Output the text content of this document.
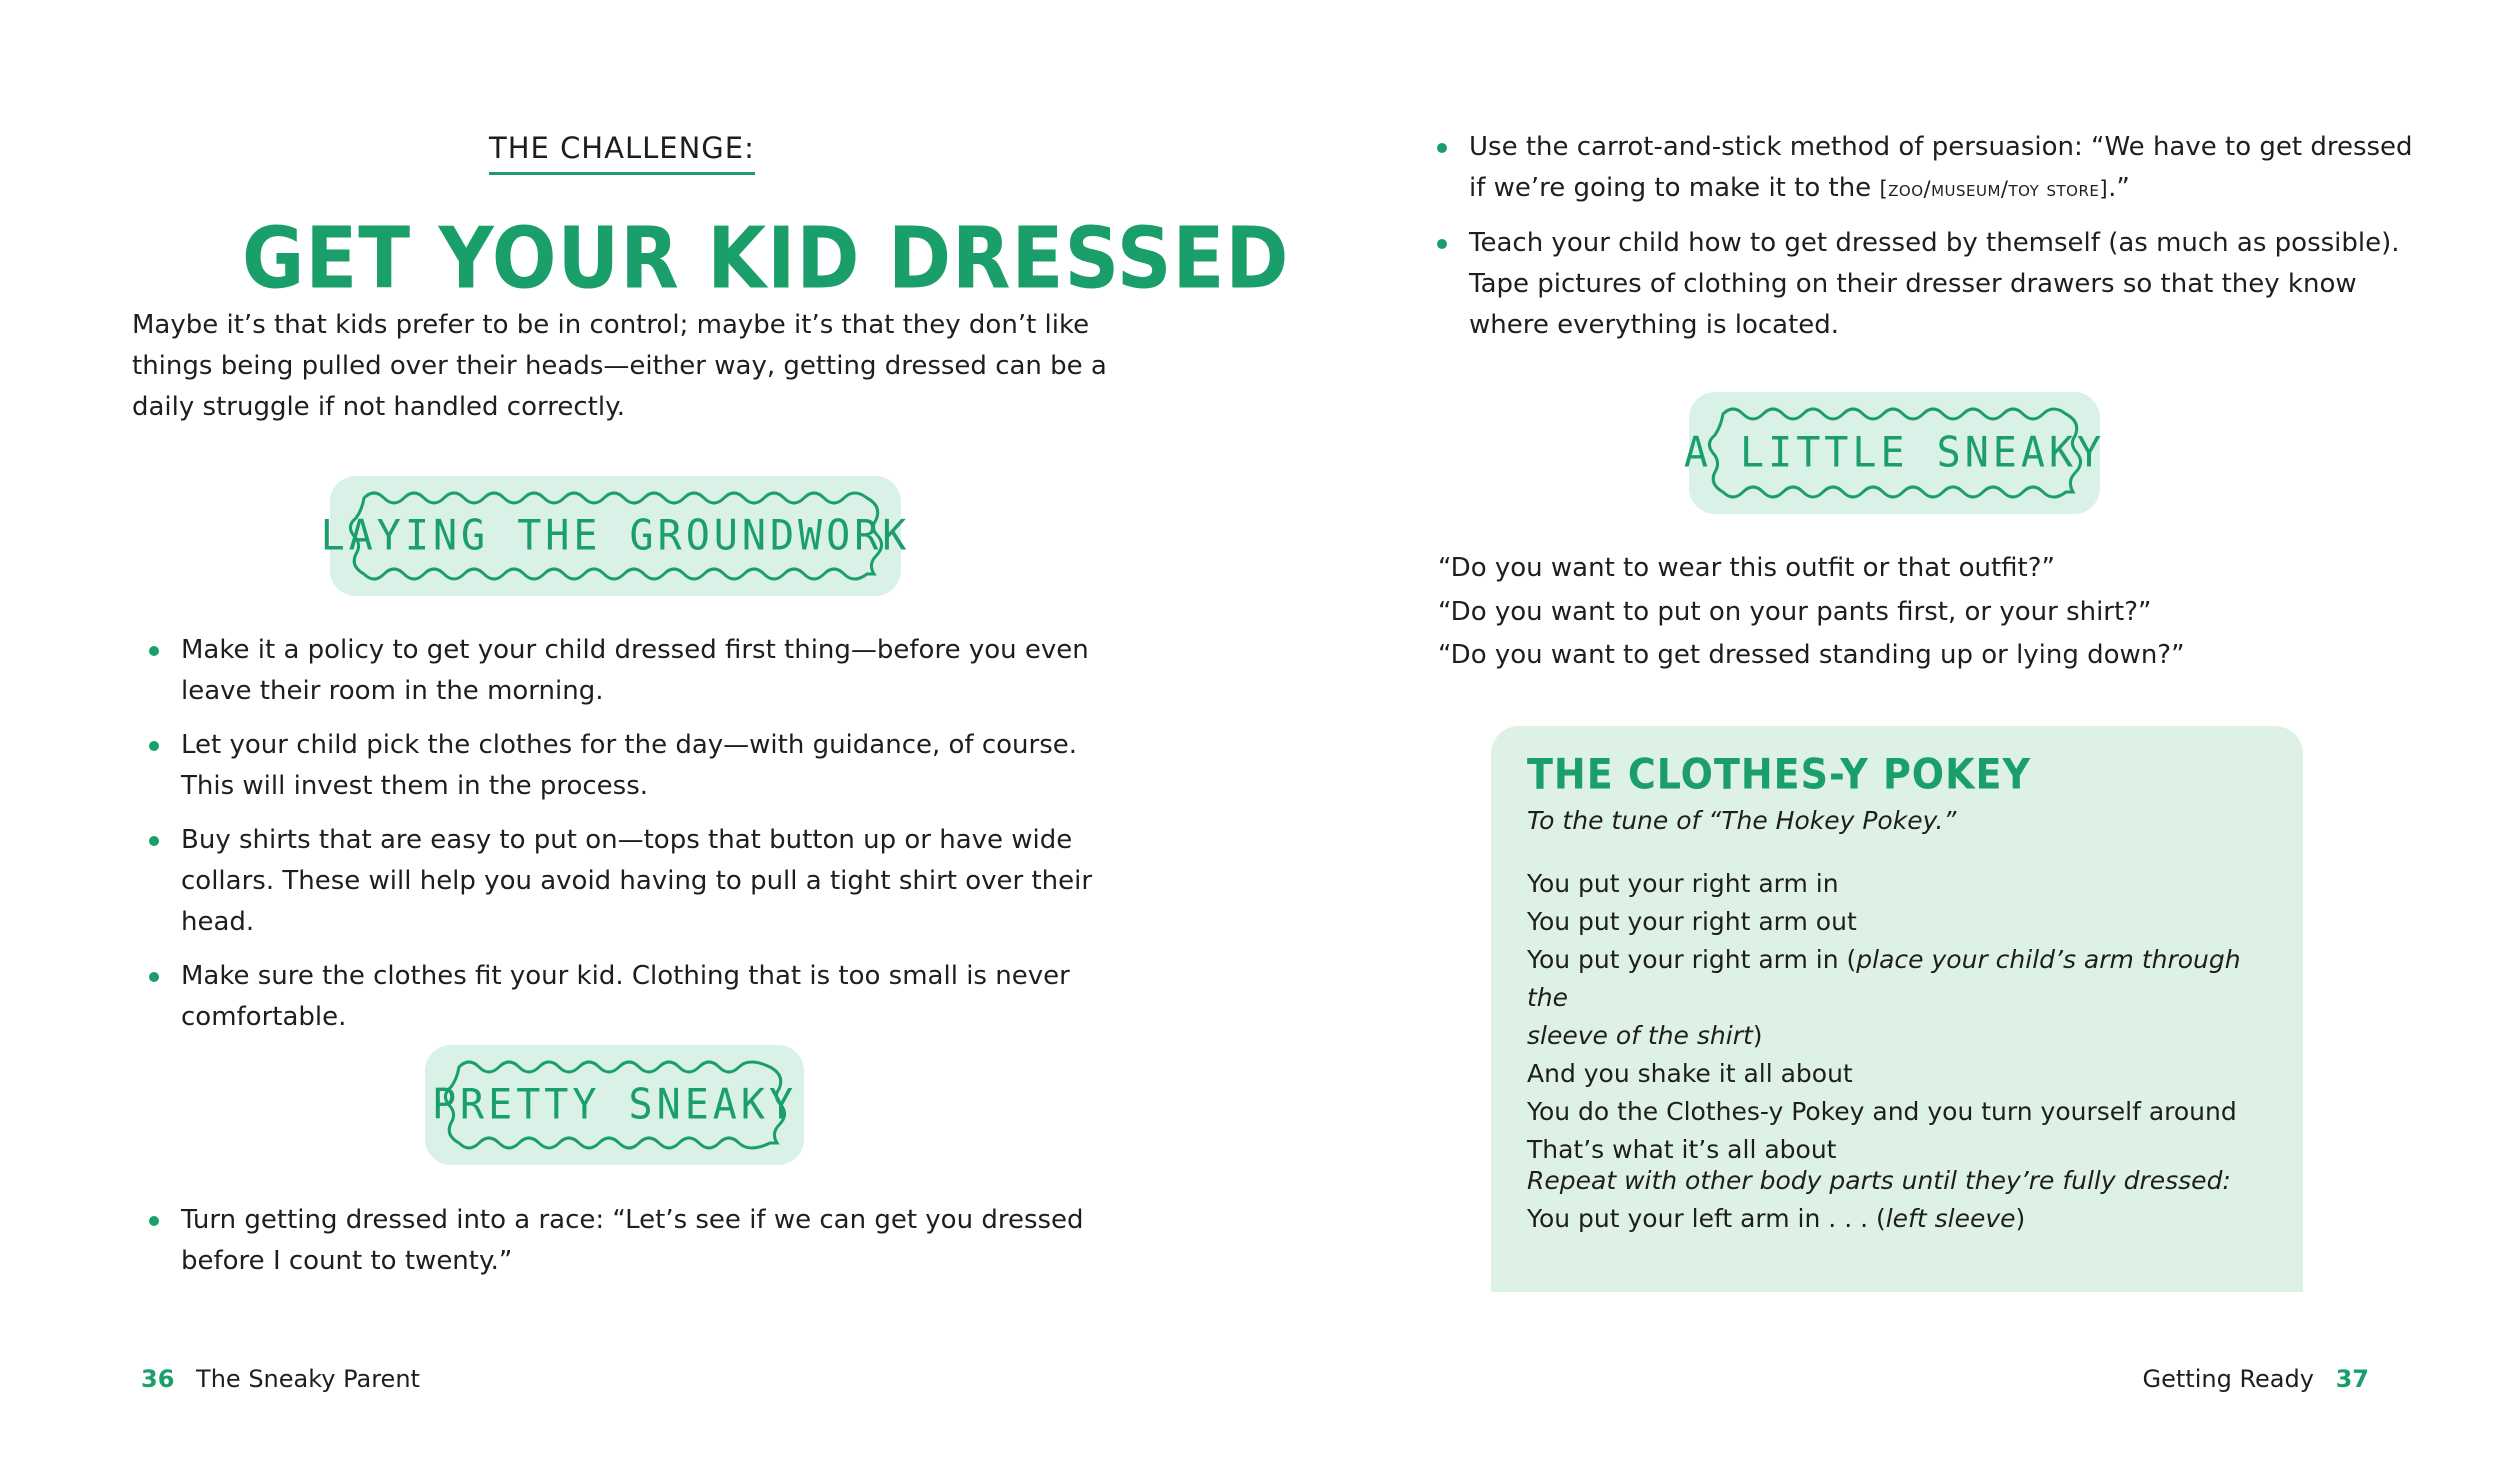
THE CHALLENGE:
GET YOUR KID DRESSED
Maybe it’s that kids prefer to be in control; maybe it’s that they don’t like things being pulled over their heads—either way, getting dressed can be a daily struggle if not handled correctly.
LAYING THE GROUNDWORK
Make it a policy to get your child dressed first thing—before you even leave their room in the morning.
Let your child pick the clothes for the day—with guidance, of course. This will invest them in the process.
Buy shirts that are easy to put on—tops that button up or have wide collars. These will help you avoid having to pull a tight shirt over their head.
Make sure the clothes fit your kid. Clothing that is too small is never comfortable.
PRETTY SNEAKY
Turn getting dressed into a race: “Let’s see if we can get you dressed before I count to twenty.”
36 The Sneaky Parent
Use the carrot-and-stick method of persuasion: “We have to get dressed if we’re going to make it to the [zoo/museum/toy store].”
Teach your child how to get dressed by themself (as much as possible). Tape pictures of clothing on their dresser drawers so that they know where everything is located.
A LITTLE SNEAKY
“Do you want to wear this outfit or that outfit?”
“Do you want to put on your pants first, or your shirt?”
“Do you want to get dressed standing up or lying down?”
THE CLOTHES-Y POKEY
To the tune of “The Hokey Pokey.”
You put your right arm in
You put your right arm out
You put your right arm in (place your child’s arm through the
sleeve of the shirt)
And you shake it all about
You do the Clothes-y Pokey and you turn yourself around
That’s what it’s all about
Repeat with other body parts until they’re fully dressed:
You put your left arm in . . . (left sleeve)
Getting Ready 37
